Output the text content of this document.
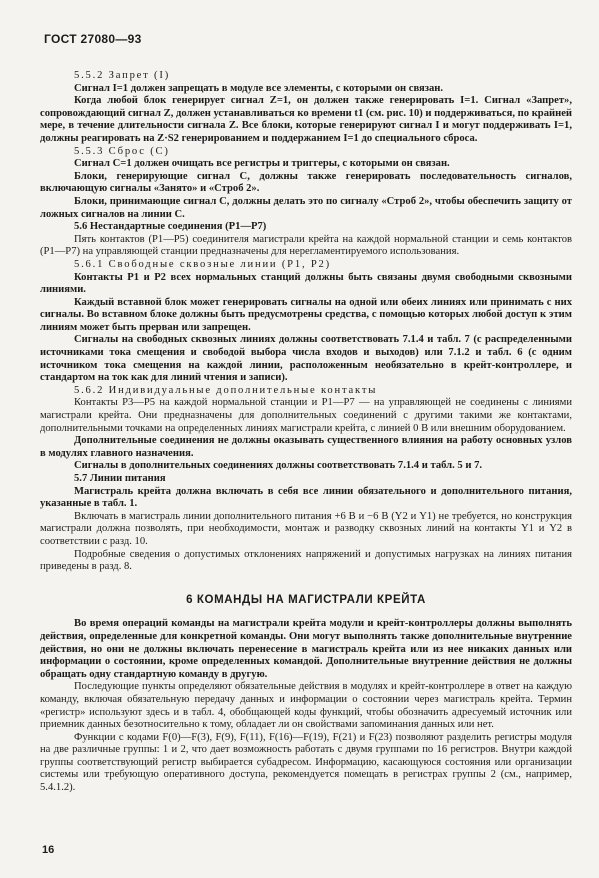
ГОСТ 27080—93

5.5.2 Запрет (I)

Сигнал I=1 должен запрещать в модуле все элементы, с которыми он связан.

Когда любой блок генерирует сигнал Z=1, он должен также генерировать I=1. Сигнал «Запрет», сопровождающий сигнал Z, должен устанавливаться ко времени t1 (см. рис. 10) и поддерживаться, по крайней мере, в течение длительности сигнала Z. Все блоки, которые генерируют сигнал I и могут поддерживать I=1, должны реагировать на Z·S2 генерированием и поддержанием I=1 до специального сброса.

5.5.3 Сброс (С)

Сигнал С=1 должен очищать все регистры и триггеры, с которыми он связан.

Блоки, генерирующие сигнал С, должны также генерировать последовательность сигналов, включающую сигналы «Занято» и «Строб 2».

Блоки, принимающие сигнал С, должны делать это по сигналу «Строб 2», чтобы обеспечить защиту от ложных сигналов на линии С.

5.6 Нестандартные соединения (Р1—Р7)

Пять контактов (Р1—Р5) соединителя магистрали крейта на каждой нормальной станции и семь контактов (Р1—Р7) на управляющей станции предназначены для нерегламентируемого использования.

5.6.1 Свободные сквозные линии (Р1, Р2)

Контакты Р1 и Р2 всех нормальных станций должны быть связаны двумя свободными сквозными линиями.

Каждый вставной блок может генерировать сигналы на одной или обеих линиях или принимать с них сигналы. Во вставном блоке должны быть предусмотрены средства, с помощью которых любой доступ к этим линиям может быть прерван или запрещен.

Сигналы на свободных сквозных линиях должны соответствовать 7.1.4 и табл. 7 (с распределенными источниками тока смещения и свободой выбора числа входов и выходов) или 7.1.2 и табл. 6 (с одним источником тока смещения на каждой линии, расположенным необязательно в крейт-контроллере, и стандартом на ток как для линий чтения и записи).

5.6.2 Индивидуальные дополнительные контакты

Контакты Р3—Р5 на каждой нормальной станции и Р1—Р7 — на управляющей не соединены с линиями магистрали крейта. Они предназначены для дополнительных соединений с другими такими же контактами, дополнительными точками на определенных линиях магистрали крейта, с линией 0 В или внешним оборудованием.

Дополнительные соединения не должны оказывать существенного влияния на работу основных узлов в модулях главного назначения.

Сигналы в дополнительных соединениях должны соответствовать 7.1.4 и табл. 5 и 7.

5.7 Линии питания

Магистраль крейта должна включать в себя все линии обязательного и дополнительного питания, указанные в табл. 1.

Включать в магистраль линии дополнительного питания +6 В и −6 В (Y2 и Y1) не требуется, но конструкция магистрали должна позволять, при необходимости, монтаж и разводку сквозных линий на контакты Y1 и Y2 в соответствии с разд. 10.

Подробные сведения о допустимых отклонениях напряжений и допустимых нагрузках на линиях питания приведены в разд. 8.

6 КОМАНДЫ НА МАГИСТРАЛИ КРЕЙТА

Во время операций команды на магистрали крейта модули и крейт-контроллеры должны выполнять действия, определенные для конкретной команды. Они могут выполнять также дополнительные внутренние действия, но они не должны включать перенесение в магистраль крейта или из нее никаких данных или информации о состоянии, кроме определенных командой. Дополнительные внутренние действия не должны обращать одну стандартную команду в другую.

Последующие пункты определяют обязательные действия в модулях и крейт-контроллере в ответ на каждую команду, включая обязательную передачу данных и информации о состоянии через магистраль крейта. Термин «регистр» используют здесь и в табл. 4, обобщающей коды функций, чтобы обозначить адресуемый источник или приемник данных безотносительно к тому, обладает ли он свойствами запоминания данных или нет.

Функции с кодами F(0)—F(3), F(9), F(11), F(16)—F(19), F(21) и F(23) позволяют разделить регистры модуля на две различные группы: 1 и 2, что дает возможность работать с двумя группами по 16 регистров. Внутри каждой группы соответствующий регистр выбирается субадресом. Информацию, касающуюся состояния или организации системы или требующую оперативного доступа, рекомендуется помещать в регистрах группы 2 (см., например, 5.4.1.2).

16
